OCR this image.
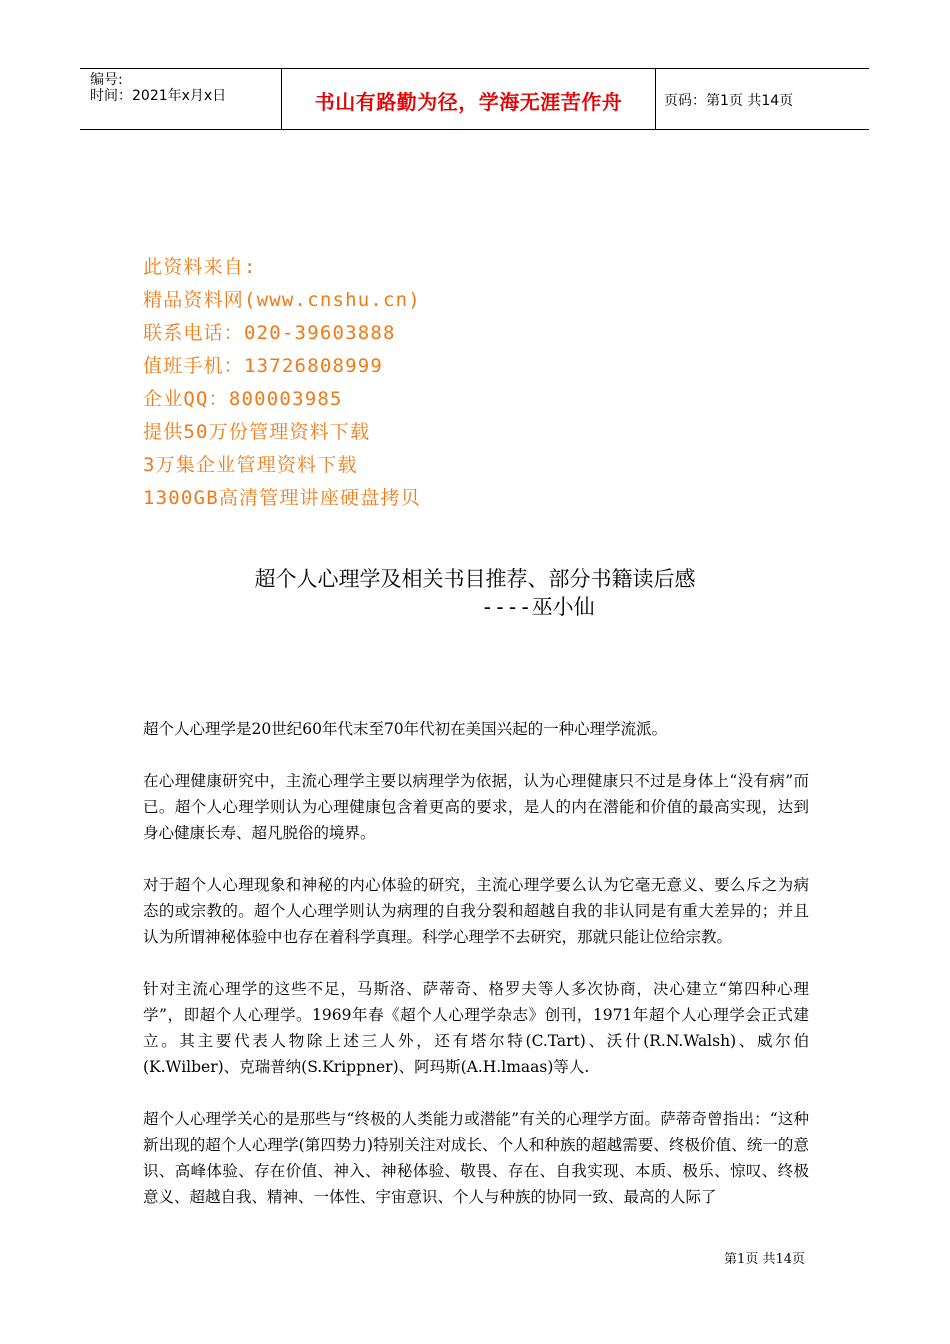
编号:
时间：2021年x月x日	书山有路勤为径，学海无涯苦作舟	页码：第1页 共14页
此资料来自:
精品资料网(www.cnshu.cn)
联系电话：020-39603888
值班手机：13726808999
企业QQ：800003985
提供50万份管理资料下载
3万集企业管理资料下载
1300GB高清管理讲座硬盘拷贝
超个人心理学及相关书目推荐、部分书籍读后感
----巫小仙

超个人心理学是20世纪60年代末至70年代初在美国兴起的一种心理学流派。

在心理健康研究中，主流心理学主要以病理学为依据，认为心理健康只不过是身体上“没有病”而已。超个人心理学则认为心理健康包含着更高的要求，是人的内在潜能和价值的最高实现，达到身心健康长寿、超凡脱俗的境界。

对于超个人心理现象和神秘的内心体验的研究，主流心理学要么认为它毫无意义、要么斥之为病态的或宗教的。超个人心理学则认为病理的自我分裂和超越自我的非认同是有重大差异的；并且认为所谓神秘体验中也存在着科学真理。科学心理学不去研究，那就只能让位给宗教。

针对主流心理学的这些不足，马斯洛、萨蒂奇、格罗夫等人多次协商，决心建立“第四种心理学”，即超个人心理学。1969年春《超个人心理学杂志》创刊，1971年超个人心理学会正式建立。其主要代表人物除上述三人外，还有塔尔特(C.Tart)、沃什(R.N.Walsh)、威尔伯(K.Wilber)、克瑞普纳(S.Krippner)、阿玛斯(A.H.lmaas)等人.

超个人心理学关心的是那些与“终极的人类能力或潜能”有关的心理学方面。萨蒂奇曾指出：“这种新出现的超个人心理学(第四势力)特别关注对成长、个人和种族的超越需要、终极价值、统一的意识、高峰体验、存在价值、神入、神秘体验、敬畏、存在、自我实现、本质、极乐、惊叹、终极意义、超越自我、精神、一体性、宇宙意识、个人与种族的协同一致、最高的人际了

第1页 共14页
